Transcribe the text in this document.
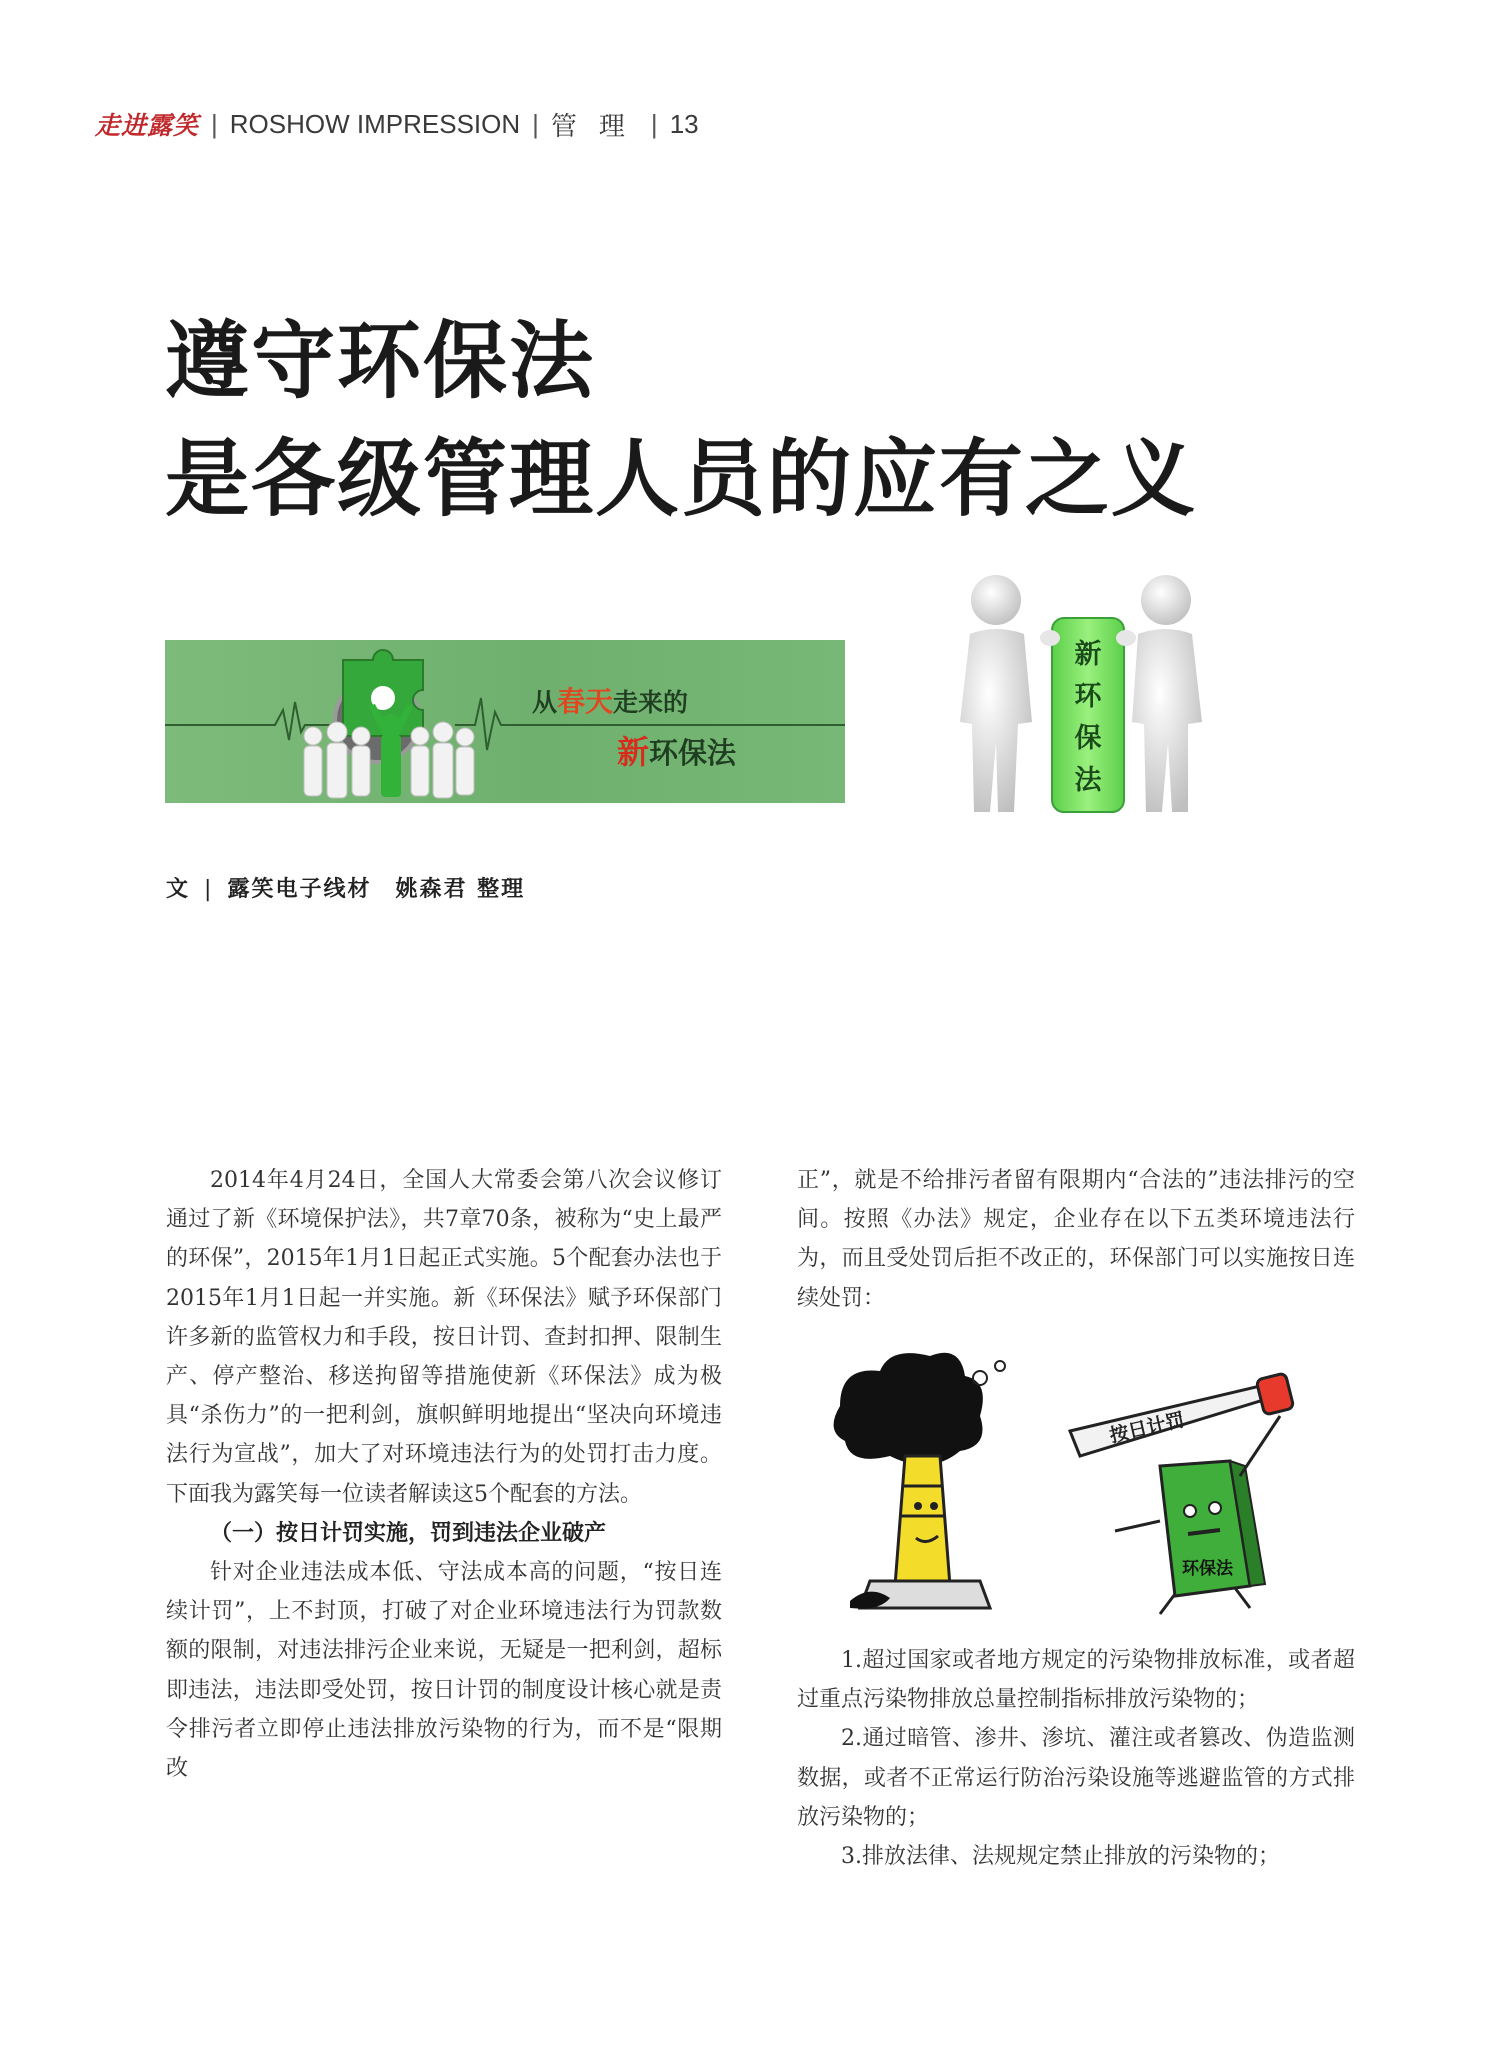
走进露笑 | ROSHOW IMPRESSION | 管理 | 13
遵守环保法
是各级管理人员的应有之义
从春天走来的
新环保法
新
环
保
法
文 | 露笑电子线材　姚森君 整理

2014年4月24日，全国人大常委会第八次会议修订通过了新《环境保护法》，共7章70条，被称为“史上最严的环保”，2015年1月1日起正式实施。5个配套办法也于2015年1月1日起一并实施。新《环保法》赋予环保部门许多新的监管权力和手段，按日计罚、查封扣押、限制生产、停产整治、移送拘留等措施使新《环保法》成为极具“杀伤力”的一把利剑，旗帜鲜明地提出“坚决向环境违法行为宣战”，加大了对环境违法行为的处罚打击力度。下面我为露笑每一位读者解读这5个配套的方法。

（一）按日计罚实施，罚到违法企业破产

针对企业违法成本低、守法成本高的问题，“按日连续计罚”，上不封顶，打破了对企业环境违法行为罚款数额的限制，对违法排污企业来说，无疑是一把利剑，超标即违法，违法即受处罚，按日计罚的制度设计核心就是责令排污者立即停止违法排放污染物的行为，而不是“限期改

正”，就是不给排污者留有限期内“合法的”违法排污的空间。按照《办法》规定，企业存在以下五类环境违法行为，而且受处罚后拒不改正的，环保部门可以实施按日连续处罚：

按日计罚
环保法

1.超过国家或者地方规定的污染物排放标准，或者超过重点污染物排放总量控制指标排放污染物的；

2.通过暗管、渗井、渗坑、灌注或者篡改、伪造监测数据，或者不正常运行防治污染设施等逃避监管的方式排放污染物的；

3.排放法律、法规规定禁止排放的污染物的；
